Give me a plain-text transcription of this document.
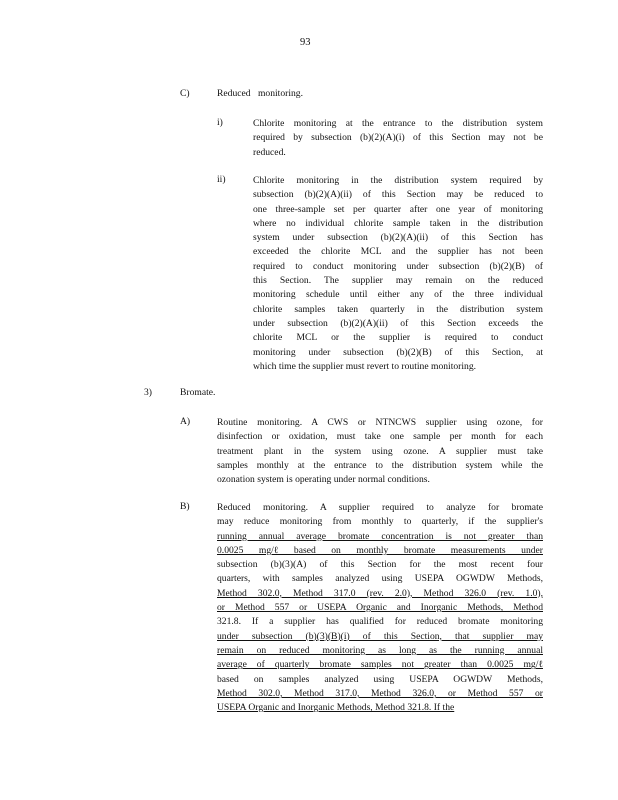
93
C)	Reduced monitoring.
i)	Chlorite monitoring at the entrance to the distribution system
required by subsection (b)(2)(A)(i) of this Section may not be
reduced.
ii)	Chlorite monitoring in the distribution system required by
subsection (b)(2)(A)(ii) of this Section may be reduced to
one three-sample set per quarter after one year of monitoring
where no individual chlorite sample taken in the distribution
system under subsection (b)(2)(A)(ii) of this Section has
exceeded the chlorite MCL and the supplier has not been
required to conduct monitoring under subsection (b)(2)(B) of
this Section. The supplier may remain on the reduced
monitoring schedule until either any of the three individual
chlorite samples taken quarterly in the distribution system
under subsection (b)(2)(A)(ii) of this Section exceeds the
chlorite MCL or the supplier is required to conduct
monitoring under subsection (b)(2)(B) of this Section, at
which time the supplier must revert to routine monitoring.
3)	Bromate.
A)	Routine monitoring. A CWS or NTNCWS supplier using ozone, for
disinfection or oxidation, must take one sample per month for each
treatment plant in the system using ozone. A supplier must take
samples monthly at the entrance to the distribution system while the
ozonation system is operating under normal conditions.
B)	Reduced monitoring. A supplier required to analyze for bromate
may reduce monitoring from monthly to quarterly, if the supplier's
running annual average bromate concentration is not greater than
0.0025 mg/ℓ based on monthly bromate measurements under
subsection (b)(3)(A) of this Section for the most recent four
quarters, with samples analyzed using USEPA OGWDW Methods,
Method 302.0, Method 317.0 (rev. 2.0), Method 326.0 (rev. 1.0),
or Method 557 or USEPA Organic and Inorganic Methods, Method
321.8. If a supplier has qualified for reduced bromate monitoring
under subsection (b)(3)(B)(i) of this Section, that supplier may
remain on reduced monitoring as long as the running annual
average of quarterly bromate samples not greater than 0.0025 mg/ℓ
based on samples analyzed using USEPA OGWDW Methods,
Method 302.0, Method 317.0, Method 326.0, or Method 557 or
USEPA Organic and Inorganic Methods, Method 321.8. If the
